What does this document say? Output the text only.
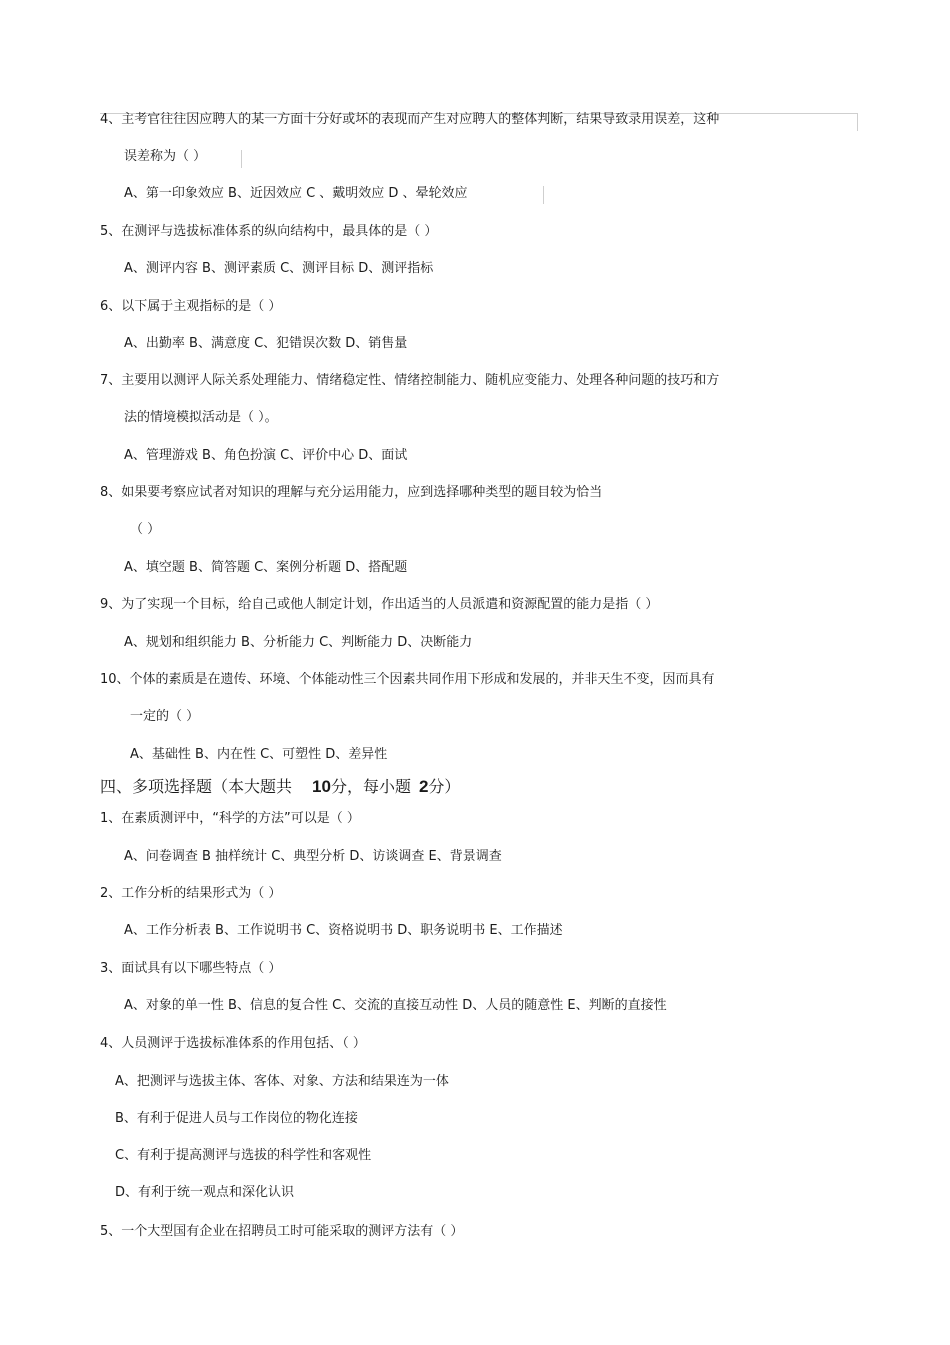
4、主考官往往因应聘人的某一方面十分好或坏的表现而产生对应聘人的整体判断，结果导致录用误差，这种
误差称为（ ）
A、第一印象效应 B、近因效应 C 、戴明效应 D 、晕轮效应
5、在测评与选拔标准体系的纵向结构中，最具体的是（ ）
A、测评内容 B、测评素质 C、测评目标 D、测评指标
6、以下属于主观指标的是（ ）
A、出勤率 B、满意度 C、犯错误次数 D、销售量
7、主要用以测评人际关系处理能力、情绪稳定性、情绪控制能力、随机应变能力、处理各种问题的技巧和方
法的情境模拟活动是（ ）。
A、管理游戏 B、角色扮演 C、评价中心 D、面试
8、如果要考察应试者对知识的理解与充分运用能力，应到选择哪种类型的题目较为恰当
（ ）
A、填空题 B、简答题 C、案例分析题 D、搭配题
9、为了实现一个目标，给自己或他人制定计划，作出适当的人员派遣和资源配置的能力是指（ ）
A、规划和组织能力 B、分析能力 C、判断能力 D、决断能力
10、个体的素质是在遗传、环境、个体能动性三个因素共同作用下形成和发展的，并非天生不变，因而具有
一定的（ ）
A、基础性 B、内在性 C、可塑性 D、差异性
四、多项选择题（本大题共 10分，每小题 2分）
1、在素质测评中，“科学的方法”可以是（ ）
A、问卷调查 B 抽样统计 C、典型分析 D、访谈调查 E、背景调查
2、工作分析的结果形式为（ ）
A、工作分析表 B、工作说明书 C、资格说明书 D、职务说明书 E、工作描述
3、面试具有以下哪些特点（ ）
A、对象的单一性 B、信息的复合性 C、交流的直接互动性 D、人员的随意性 E、判断的直接性
4、人员测评于选拔标准体系的作用包括、（ ）
A、把测评与选拔主体、客体、对象、方法和结果连为一体
B、有利于促进人员与工作岗位的物化连接
C、有利于提高测评与选拔的科学性和客观性
D、有利于统一观点和深化认识
5、一个大型国有企业在招聘员工时可能采取的测评方法有（ ）
